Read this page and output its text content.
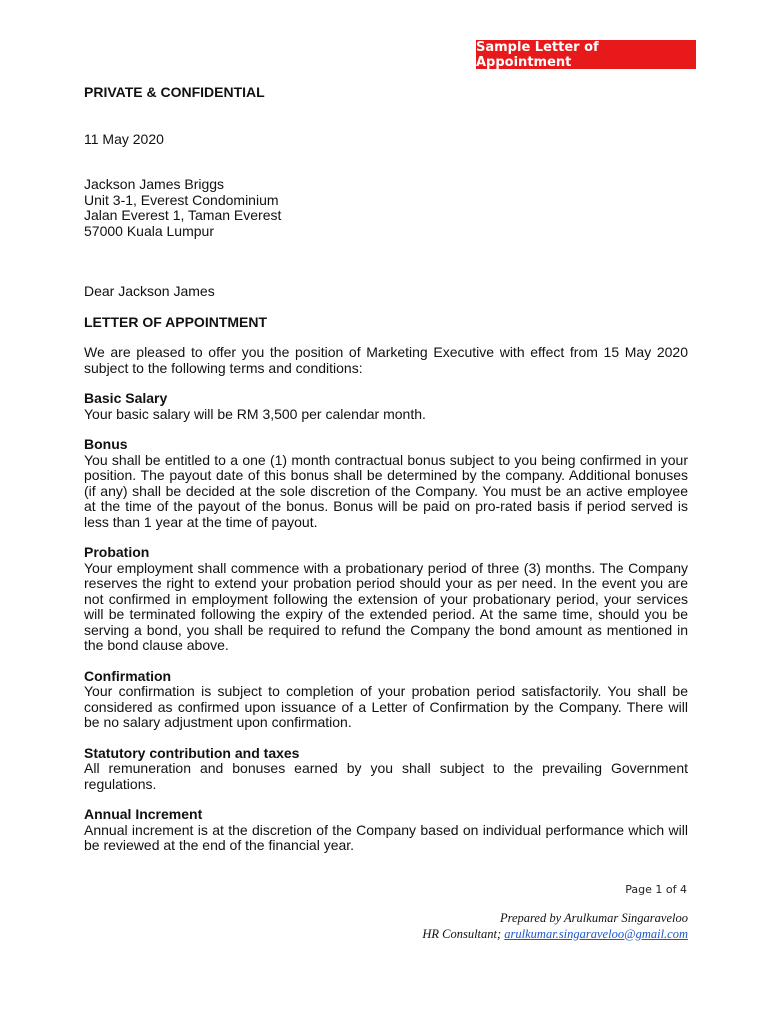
Sample Letter of Appointment

PRIVATE & CONFIDENTIAL

11 May 2020

Jackson James Briggs
Unit 3-1, Everest Condominium
Jalan Everest 1, Taman Everest
57000 Kuala Lumpur

Dear Jackson James

LETTER OF APPOINTMENT

We are pleased to offer you the position of Marketing Executive with effect from 15 May 2020 subject to the following terms and conditions:

Basic Salary

Your basic salary will be RM 3,500 per calendar month.

Bonus

You shall be entitled to a one (1) month contractual bonus subject to you being confirmed in your position. The payout date of this bonus shall be determined by the company. Additional bonuses (if any) shall be decided at the sole discretion of the Company. You must be an active employee at the time of the payout of the bonus. Bonus will be paid on pro-rated basis if period served is less than 1 year at the time of payout.

Probation

Your employment shall commence with a probationary period of three (3) months. The Company reserves the right to extend your probation period should your as per need. In the event you are not confirmed in employment following the extension of your probationary period, your services will be terminated following the expiry of the extended period. At the same time, should you be serving a bond, you shall be required to refund the Company the bond amount as mentioned in the bond clause above.

Confirmation

Your confirmation is subject to completion of your probation period satisfactorily. You shall be considered as confirmed upon issuance of a Letter of Confirmation by the Company. There will be no salary adjustment upon confirmation.

Statutory contribution and taxes

All remuneration and bonuses earned by you shall subject to the prevailing Government regulations.

Annual Increment

Annual increment is at the discretion of the Company based on individual performance which will be reviewed at the end of the financial year.

Page 1 of 4
Prepared by Arulkumar Singaraveloo
HR Consultant; arulkumar.singaraveloo@gmail.com
